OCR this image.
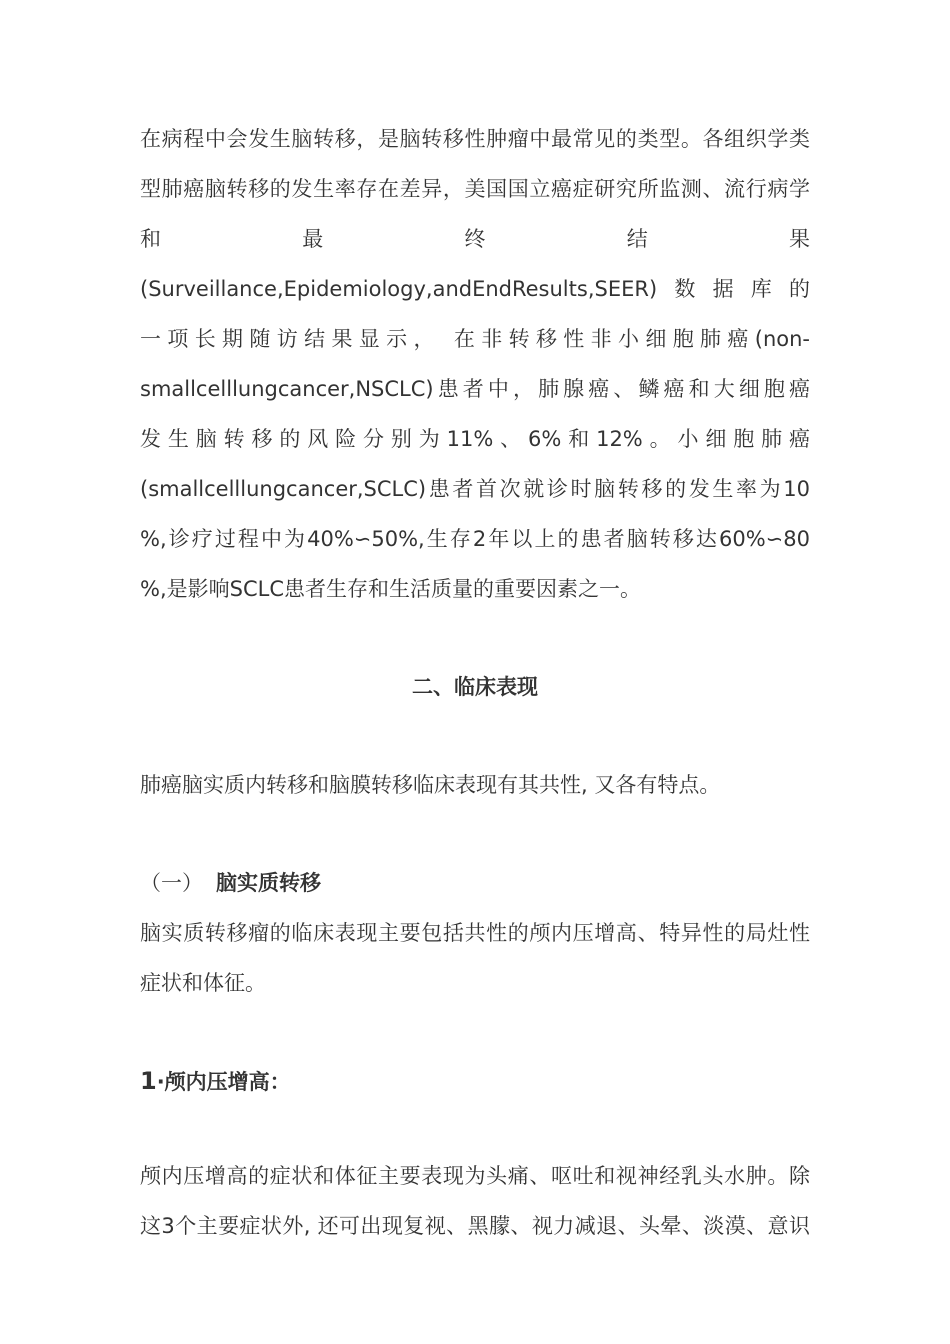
在病程中会发生脑转移，是脑转移性肿瘤中最常见的类型。各组织学类
型肺癌脑转移的发生率存在差异，美国国立癌症研究所监测、流行病学
和	最	终	结	果
(Surveillance,Epidemiology,andEndResults,SEER)数据库的
一项长期随访结果显示， 在非转移性非小细胞肺癌(non-
smallcelllungcancer,NSCLC)患者中，肺腺癌、鳞癌和大细胞癌
发生脑转移的风险分别为11%、6%和12%。小细胞肺癌
(smallcelllungcancer,SCLC)患者首次就诊时脑转移的发生率为10
%,诊疗过程中为40%∽50%,生存2年以上的患者脑转移达60%∽80
%,是影响SCLC患者生存和生活质量的重要因素之一。
二、临床表现
肺癌脑实质内转移和脑膜转移临床表现有其共性, 又各有特点。
（一） 脑实质转移
脑实质转移瘤的临床表现主要包括共性的颅内压增高、特异性的局灶性
症状和体征。
1·颅内压增高：
颅内压增高的症状和体征主要表现为头痛、呕吐和视神经乳头水肿。除
这3个主要症状外, 还可出现复视、黑朦、视力减退、头晕、淡漠、意识
